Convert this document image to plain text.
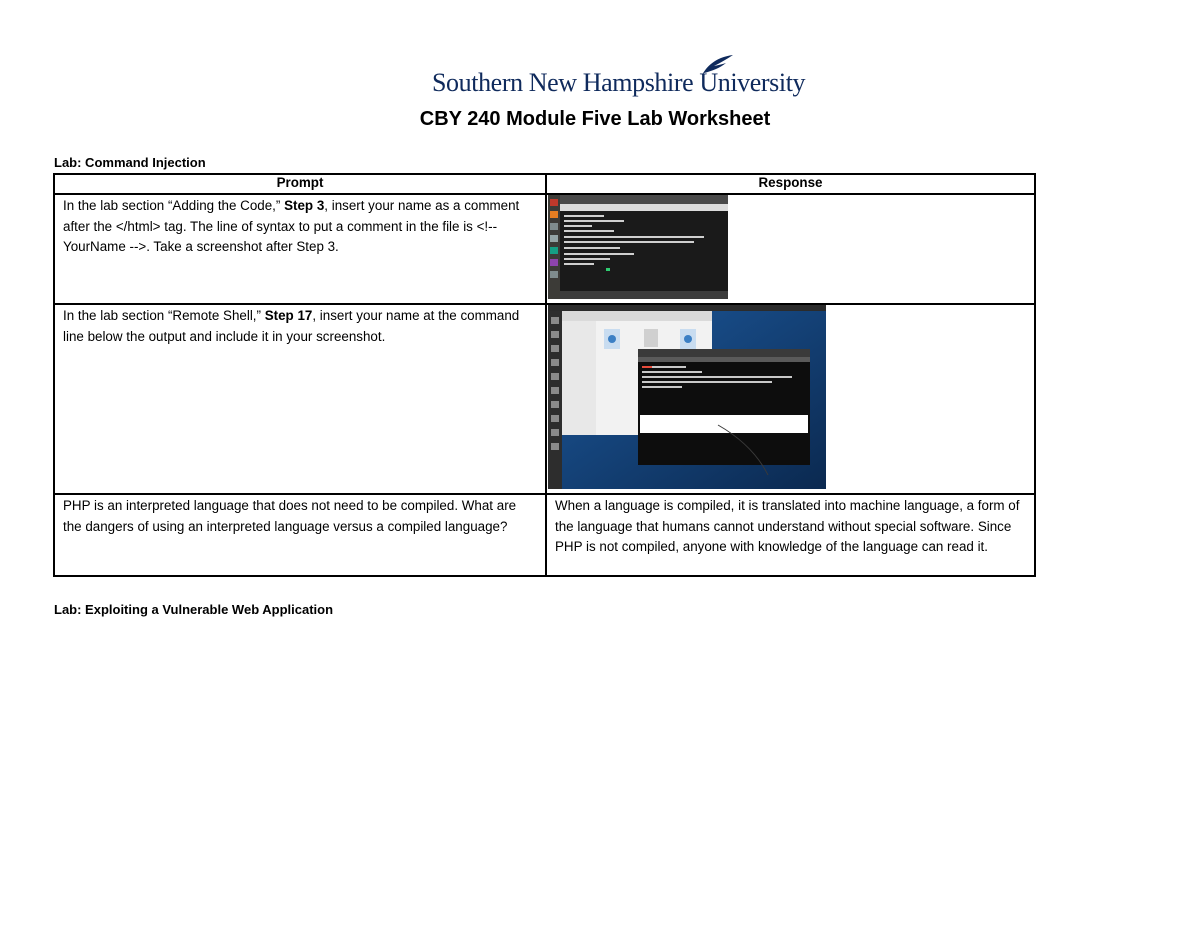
Southern New Hampshire University
CBY 240 Module Five Lab Worksheet
Lab: Command Injection
Prompt	Response

In the lab section “Adding the Code,” Step 3, insert your name as a comment after the </html> tag. The line of syntax to put a comment in the file is <!-- YourName -->. Take a screenshot after Step 3.

In the lab section “Remote Shell,” Step 17, insert your name at the command line below the output and include it in your screenshot.

PHP is an interpreted language that does not need to be compiled. What are the dangers of using an interpreted language versus a compiled language?	When a language is compiled, it is translated into machine language, a form of the language that humans cannot understand without special software. Since PHP is not compiled, anyone with knowledge of the language can read it.
Lab: Exploiting a Vulnerable Web Application
